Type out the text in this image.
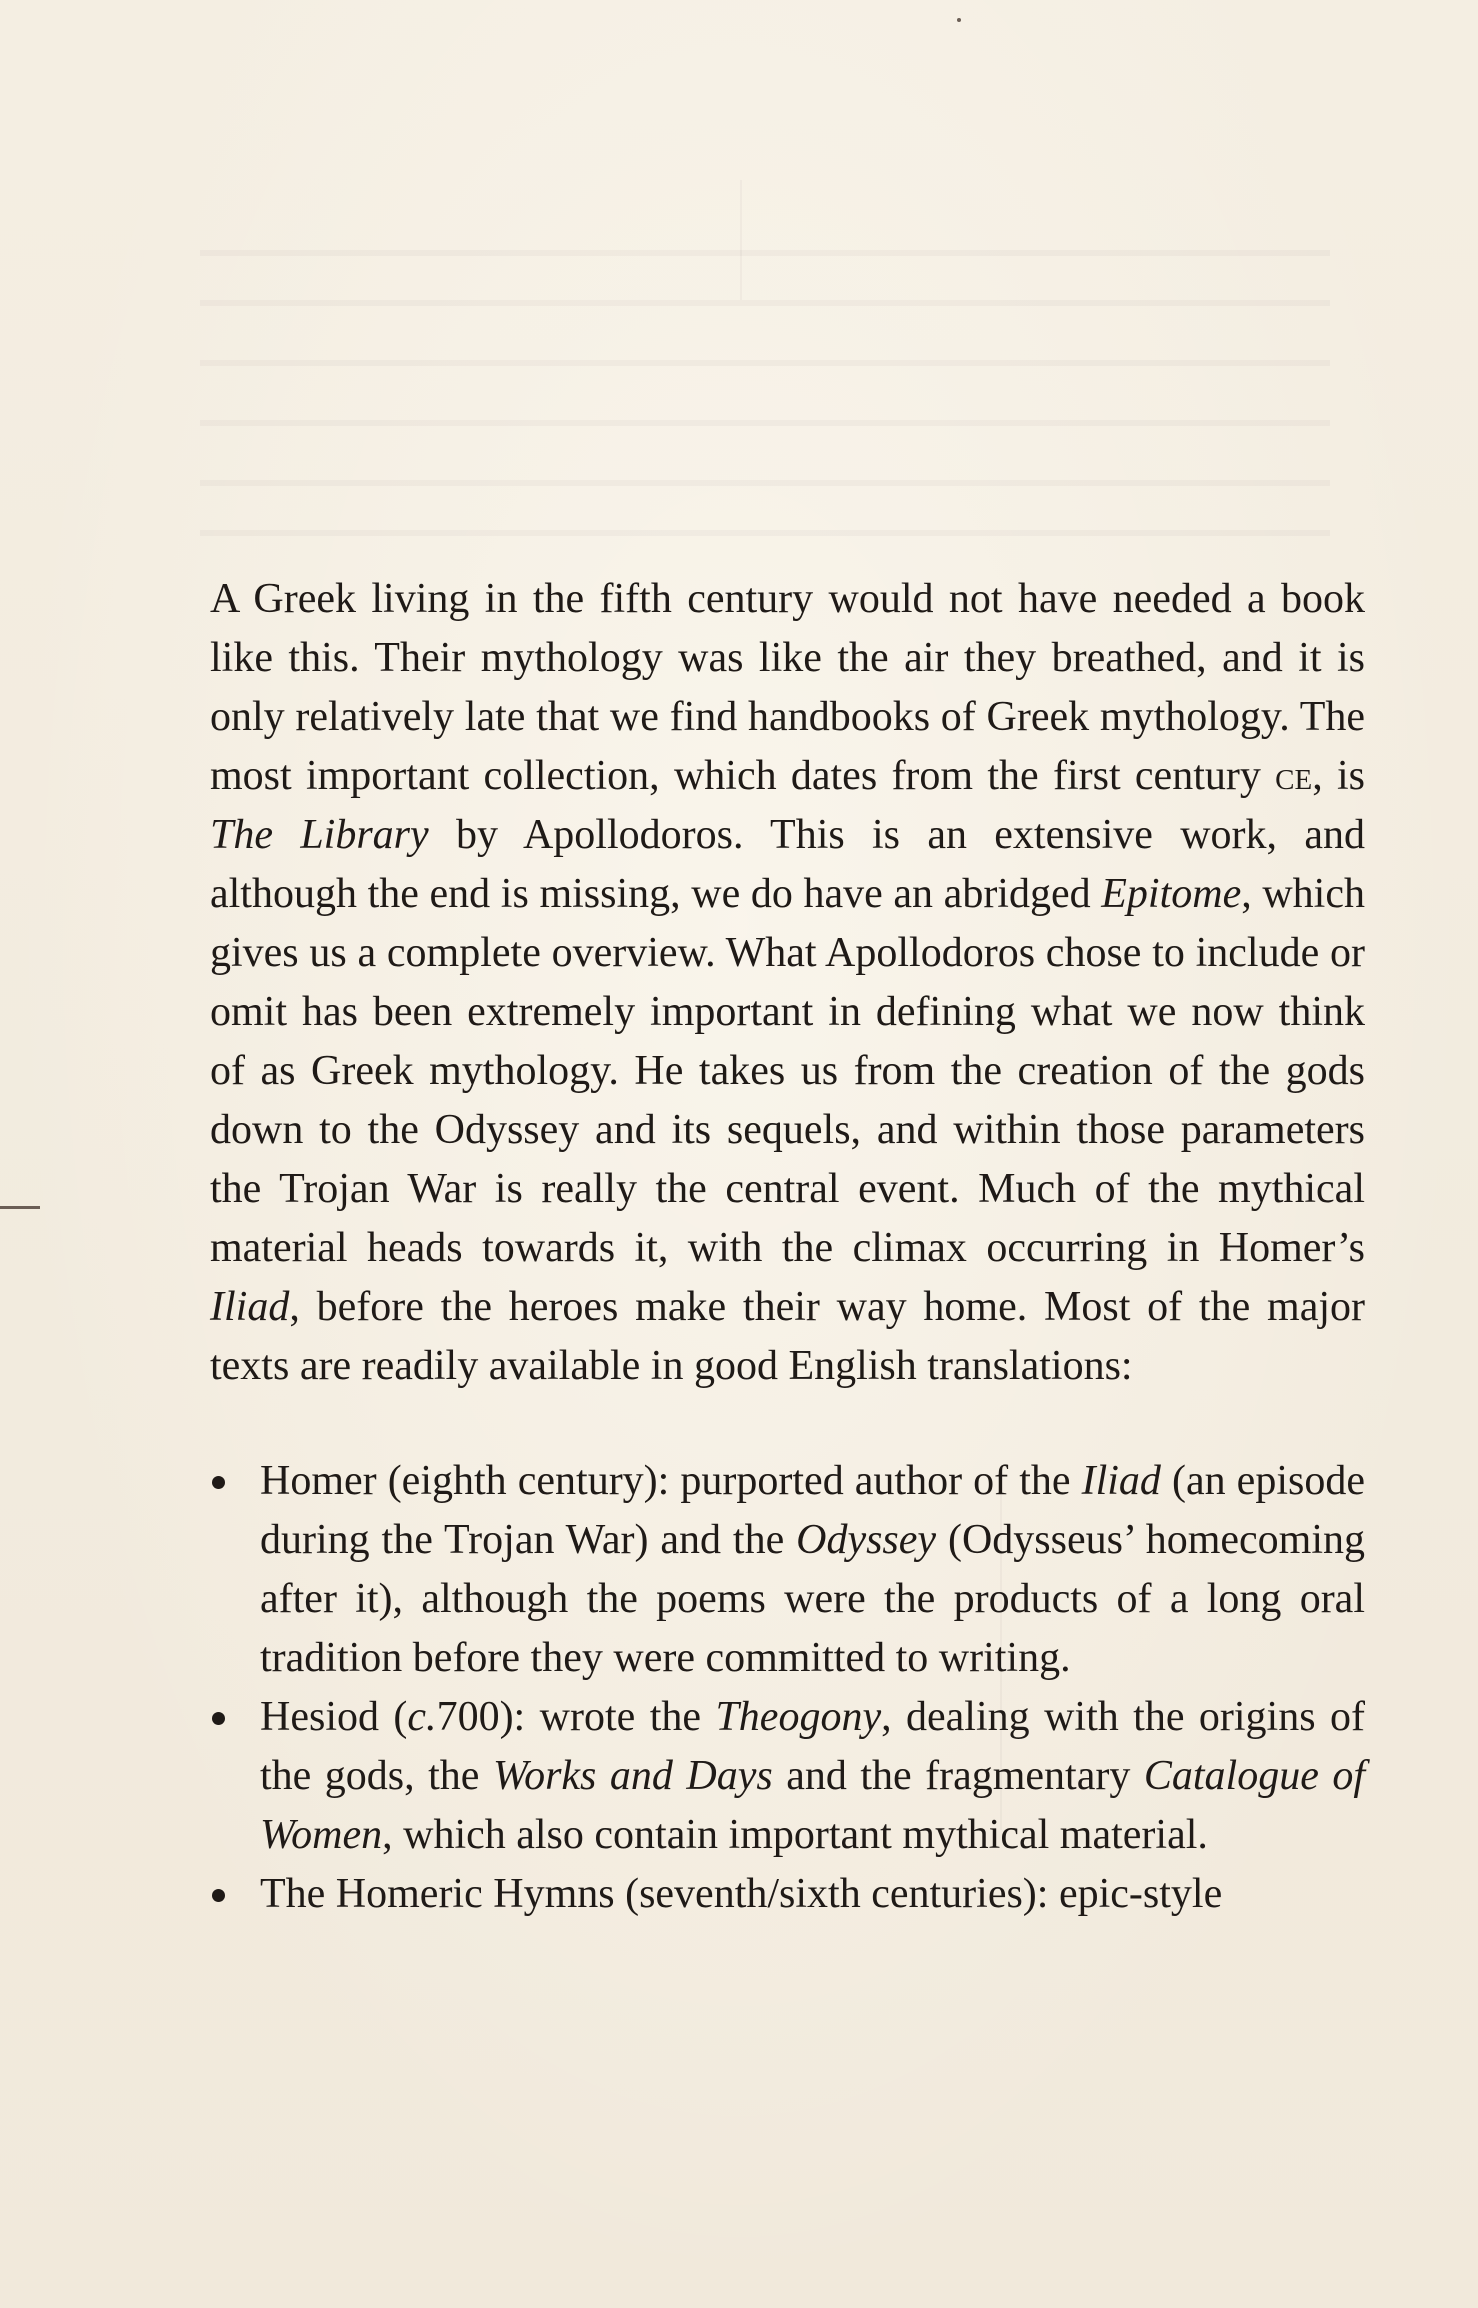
A Greek living in the fifth century would not have needed a book like this. Their mythology was like the air they breathed, and it is only relatively late that we find handbooks of Greek mythology. The most important collection, which dates from the first century ce, is The Library by Apollodoros. This is an extensive work, and although the end is missing, we do have an abridged Epitome, which gives us a complete overview. What Apollodoros chose to include or omit has been extremely important in defining what we now think of as Greek mythology. He takes us from the creation of the gods down to the Odyssey and its sequels, and within those parameters the Trojan War is really the central event. Much of the mythical material heads towards it, with the climax occurring in Homer’s Iliad, before the heroes make their way home. Most of the major texts are readily available in good English translations:

Homer (eighth century): purported author of the Iliad (an episode during the Trojan War) and the Odyssey (Odysseus’ homecoming after it), although the poems were the products of a long oral tradition before they were committed to writing.
Hesiod (c.700): wrote the Theogony, dealing with the origins of the gods, the Works and Days and the fragmentary Catalogue of Women, which also contain important mythical material.
The Homeric Hymns (seventh/sixth centuries): epic-style
